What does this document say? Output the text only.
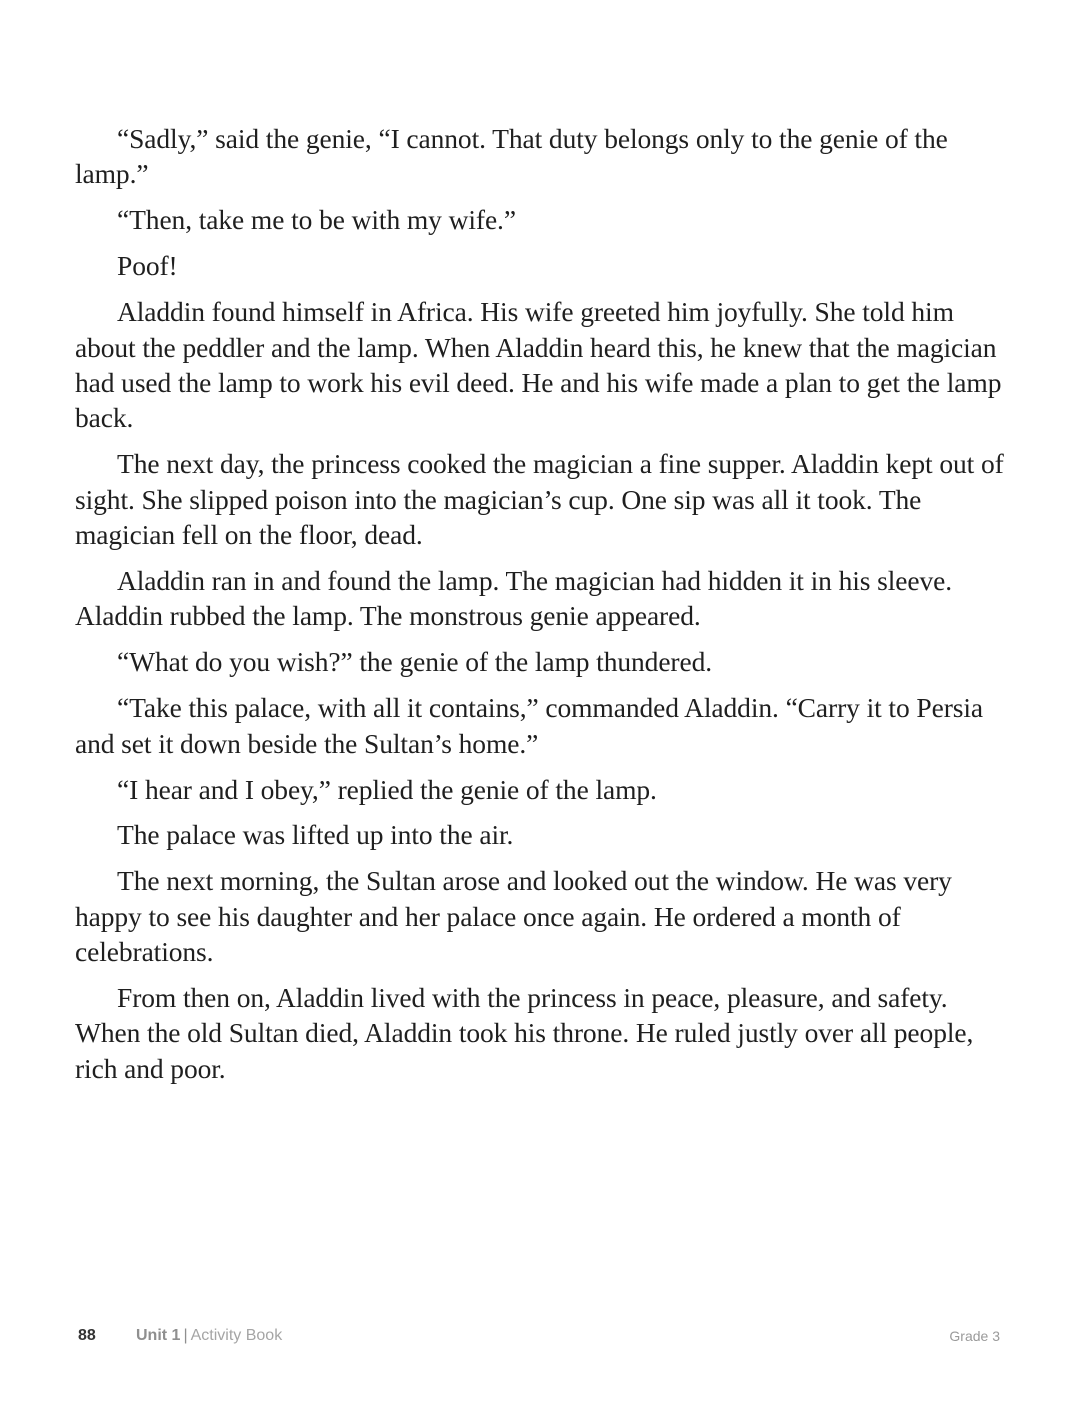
“Sadly,” said the genie, “I cannot. That duty belongs only to the genie of the lamp.”

“Then, take me to be with my wife.”

Poof!

Aladdin found himself in Africa. His wife greeted him joyfully. She told him about the peddler and the lamp. When Aladdin heard this, he knew that the magician had used the lamp to work his evil deed. He and his wife made a plan to get the lamp back.

The next day, the princess cooked the magician a fine supper. Aladdin kept out of sight. She slipped poison into the magician’s cup. One sip was all it took. The magician fell on the floor, dead.

Aladdin ran in and found the lamp. The magician had hidden it in his sleeve. Aladdin rubbed the lamp. The monstrous genie appeared.

“What do you wish?” the genie of the lamp thundered.

“Take this palace, with all it contains,” commanded Aladdin. “Carry it to Persia and set it down beside the Sultan’s home.”

“I hear and I obey,” replied the genie of the lamp.

The palace was lifted up into the air.

The next morning, the Sultan arose and looked out the window. He was very happy to see his daughter and her palace once again. He ordered a month of celebrations.

From then on, Aladdin lived with the princess in peace, pleasure, and safety. When the old Sultan died, Aladdin took his throne. He ruled justly over all people, rich and poor.

88	Unit 1 | Activity Book	Grade 3
